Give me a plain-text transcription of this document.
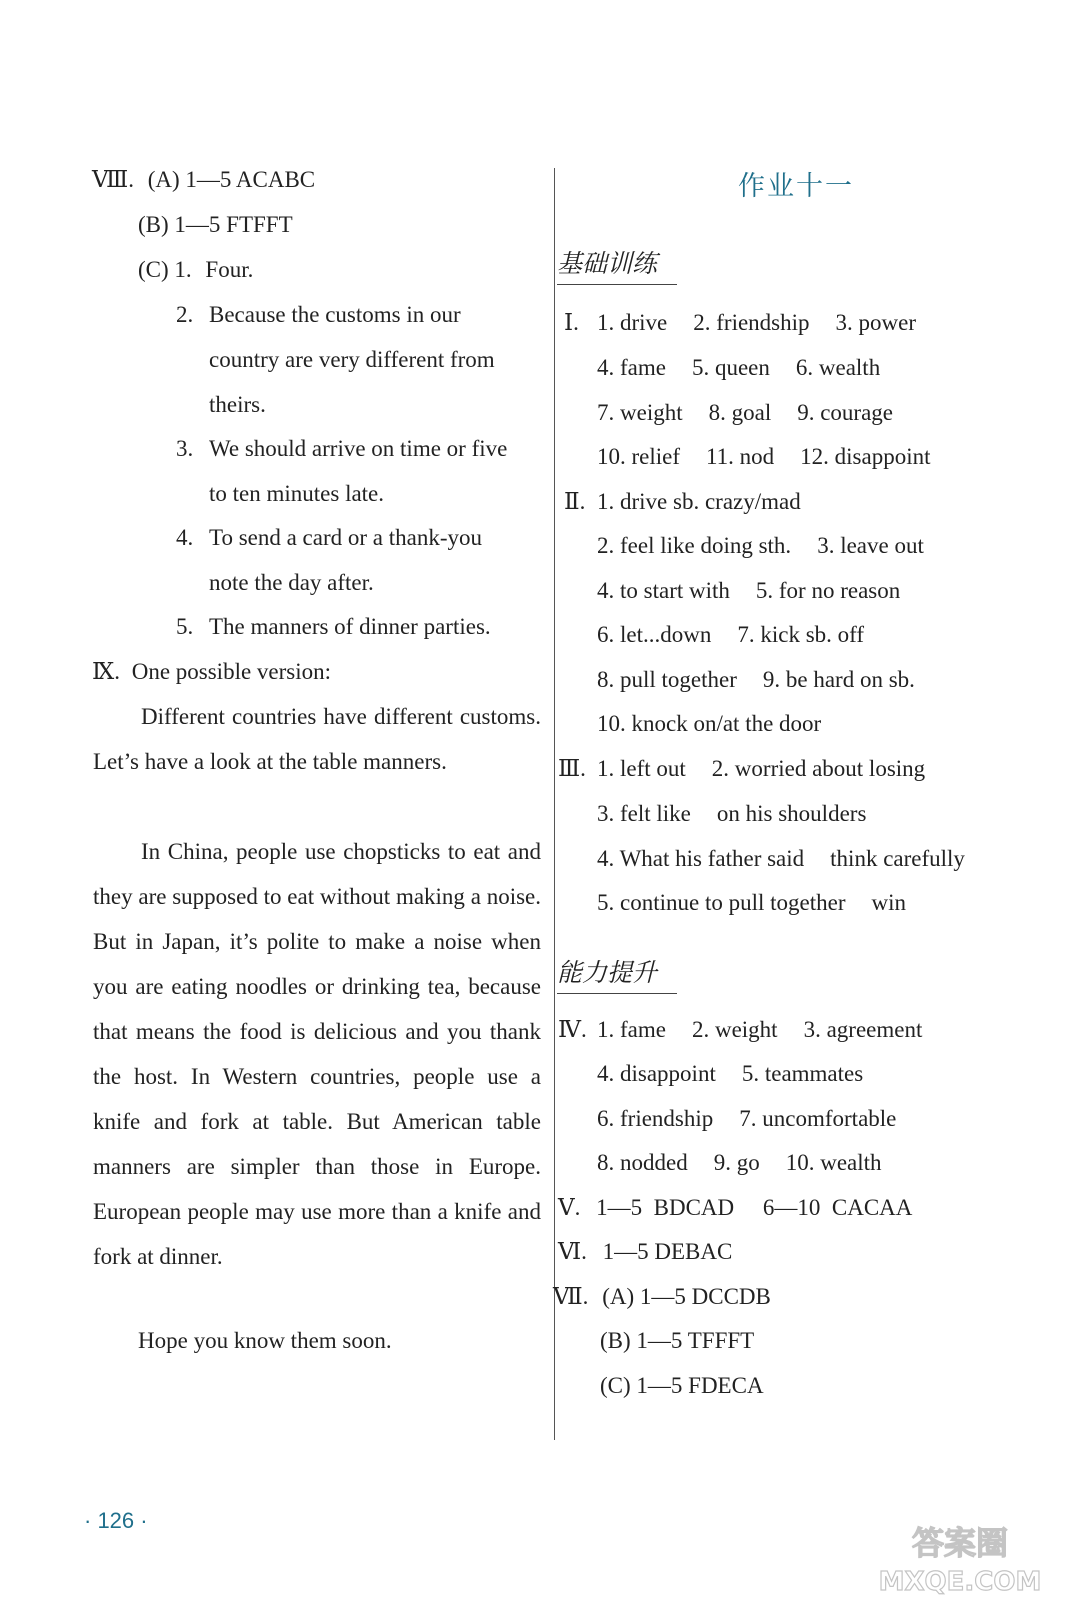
Ⅷ. (A) 1—5 ACABC
(B) 1—5 FTFFT
(C) 1. Four.
2. Because the customs in our
country are very different from
theirs.
3. We should arrive on time or five
to ten minutes late.
4. To send a card or a thank-you
note the day after.
5. The manners of dinner parties.
Ⅸ. One possible version:
Different countries have different customs. Let’s have a look at the table manners.
In China, people use chopsticks to eat and they are supposed to eat without making a noise. But in Japan, it’s polite to make a noise when you are eating noodles or drinking tea, because that means the food is delicious and you thank the host. In Western countries, people use a knife and fork at table. But American table manners are simpler than those in Europe. European people may use more than a knife and fork at dinner.
Hope you know them soon.
作业十一
基础训练
Ⅰ. 1. drive 2. friendship 3. power
4. fame 5. queen 6. wealth
7. weight 8. goal 9. courage
10. relief 11. nod 12. disappoint
Ⅱ. 1. drive sb. crazy/mad
2. feel like doing sth. 3. leave out
4. to start with 5. for no reason
6. let...down 7. kick sb. off
8. pull together 9. be hard on sb.
10. knock on/at the door
Ⅲ. 1. left out 2. worried about losing
3. felt like on his shoulders
4. What his father said think carefully
5. continue to pull together win
能力提升
Ⅳ. 1. fame 2. weight 3. agreement
4. disappoint 5. teammates
6. friendship 7. uncomfortable
8. nodded 9. go 10. wealth
Ⅴ. 1—5  BDCAD     6—10  CACAA
Ⅵ. 1—5 DEBAC
Ⅶ. (A) 1—5 DCCDB
(B) 1—5 TFFFT
(C) 1—5 FDECA
· 126 ·
答案圈
MXQE.COM
